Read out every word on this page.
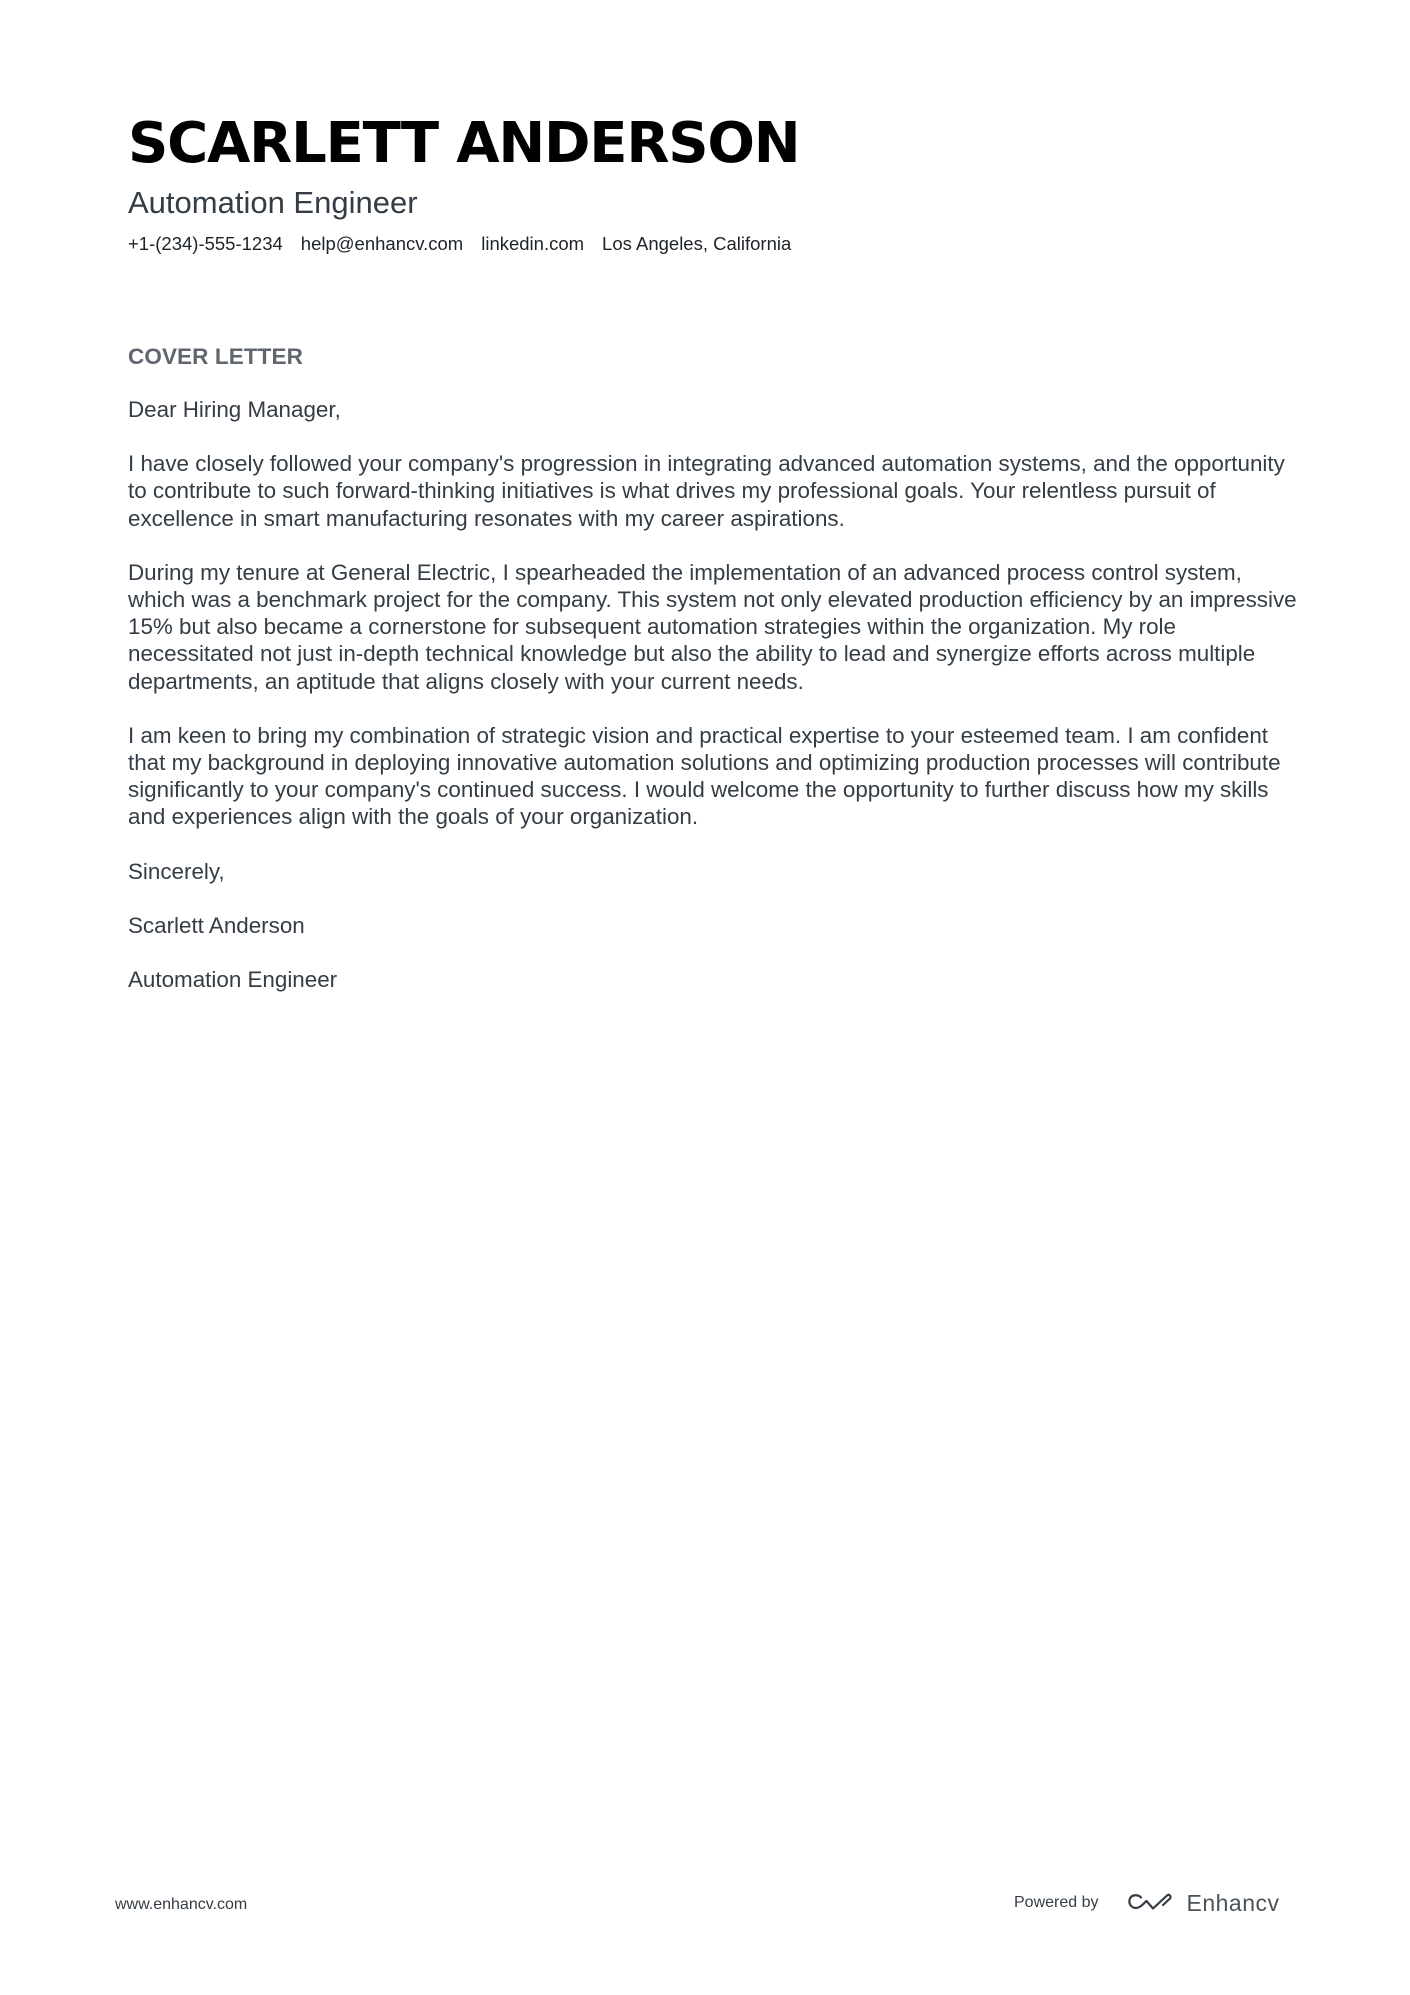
SCARLETT ANDERSON
Automation Engineer
+1-(234)-555-1234 help@enhancv.com linkedin.com Los Angeles, California
COVER LETTER

Dear Hiring Manager,

I have closely followed your company's progression in integrating advanced automation systems, and the opportunity to contribute to such forward-thinking initiatives is what drives my professional goals. Your relentless pursuit of excellence in smart manufacturing resonates with my career aspirations.

During my tenure at General Electric, I spearheaded the implementation of an advanced process control system, which was a benchmark project for the company. This system not only elevated production efficiency by an impressive 15% but also became a cornerstone for subsequent automation strategies within the organization. My role necessitated not just in-depth technical knowledge but also the ability to lead and synergize efforts across multiple departments, an aptitude that aligns closely with your current needs.

I am keen to bring my combination of strategic vision and practical expertise to your esteemed team. I am confident that my background in deploying innovative automation solutions and optimizing production processes will contribute significantly to your company's continued success. I would welcome the opportunity to further discuss how my skills and experiences align with the goals of your organization.

Sincerely,

Scarlett Anderson

Automation Engineer

www.enhancv.com	Powered by	Enhancv
